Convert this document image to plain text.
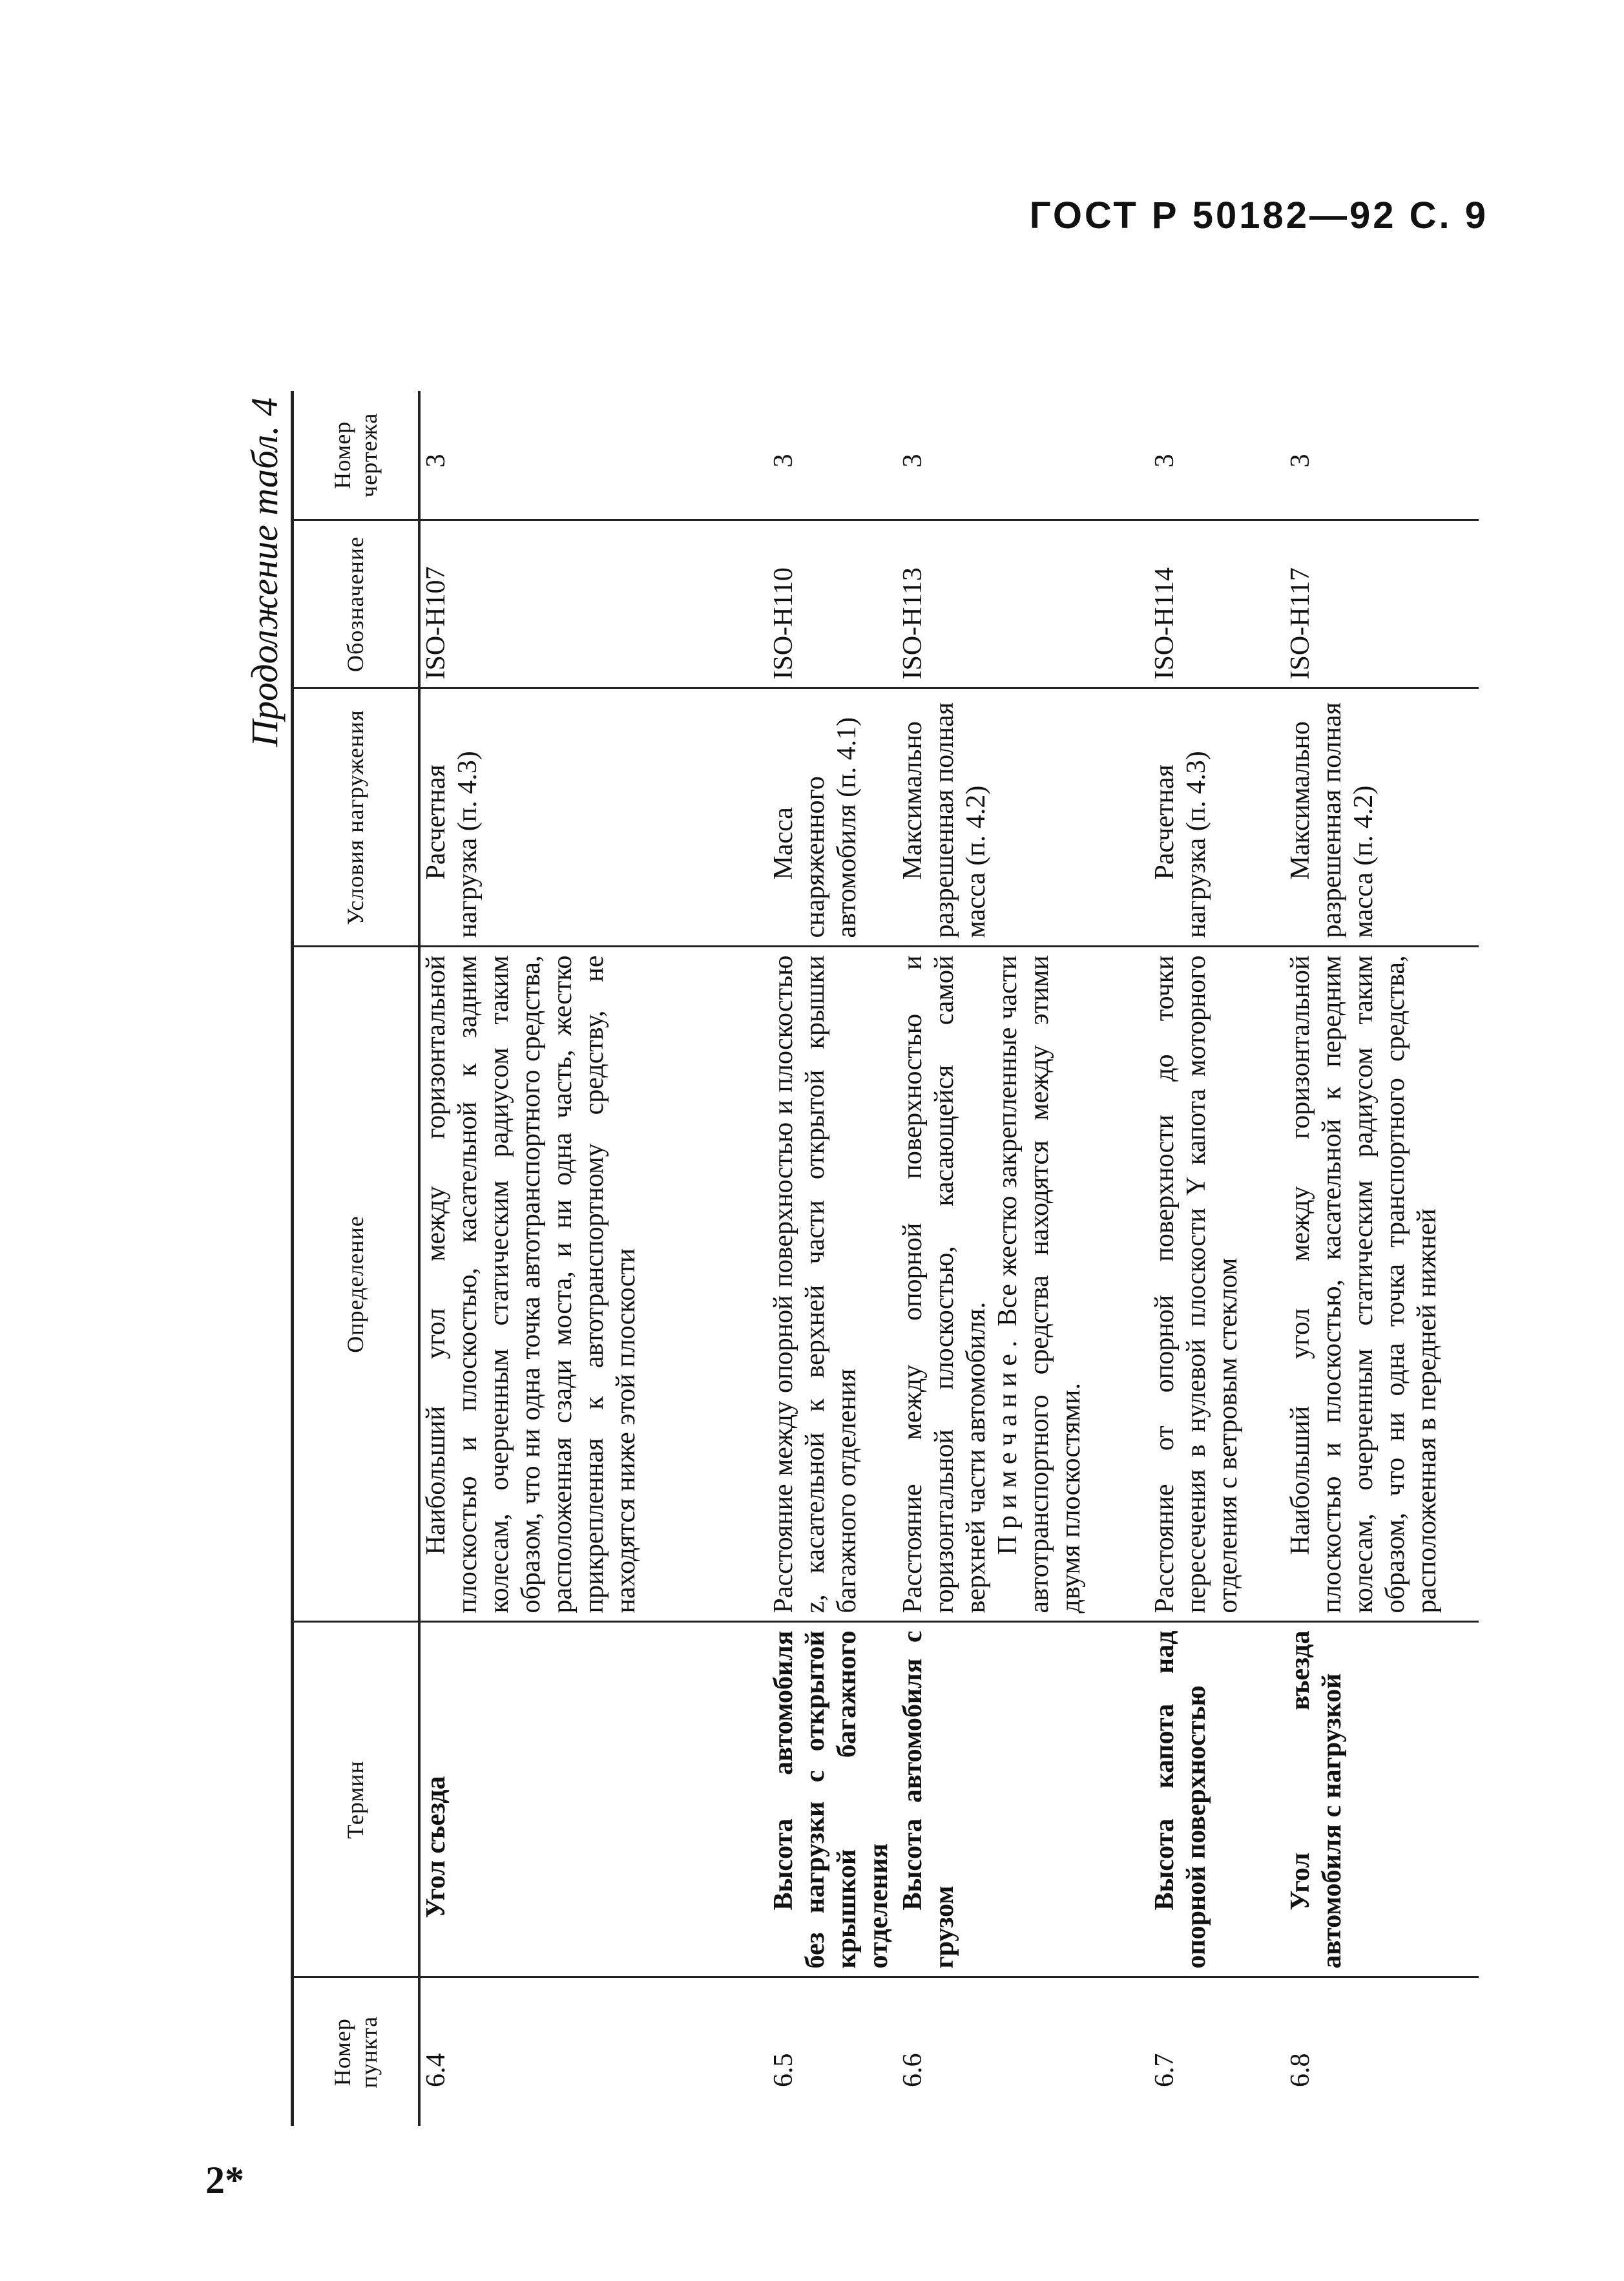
ГОСТ Р 50182—92 С. 9
Продолжение табл. 4
Номер пункта	Термин	Определение	Условия нагружения	Обозначение	Номер чертежа
6.4	Угол съезда	Наибольший угол между горизонтальной плоскостью и плоскостью, касательной к задним колесам, очерченным статическим радиусом таким образом, что ни одна точка автотранспортного средства, расположенная сзади моста, и ни одна часть, жестко прикрепленная к автотранспортному средству, не находятся ниже этой плоскости	Расчетная нагрузка (п. 4.3)	ISO-H107	3
6.5	Высота автомобиля без нагрузки с открытой крышкой багажного отделения	Расстояние между опорной поверхностью и плоскостью z, касательной к верхней части открытой крышки багажного отделения	Масса снаряженного автомобиля (п. 4.1)	ISO-H110	3
6.6	Высота автомобиля с грузом	Расстояние между опорной поверхностью и горизонтальной плоскостью, касающейся самой верхней части автомобиля. Примечание. Все жестко закрепленные части автотранспортного средства находятся между этими двумя плоскостями.	Максимально разрешенная полная масса (п. 4.2)	ISO-H113	3
6.7	Высота капота над опорной поверхностью	Расстояние от опорной поверхности до точки пересечения в нулевой плоскости Y капота моторного отделения с ветровым стеклом	Расчетная нагрузка (п. 4.3)	ISO-H114	3
6.8	Угол въезда автомобиля с нагрузкой	Наибольший угол между горизонтальной плоскостью и плоскостью, касательной к передним колесам, очерченным статическим радиусом таким образом, что ни одна точка транспортного средства, расположенная в передней нижней	Максимально разрешенная полная масса (п. 4.2)	ISO-H117	3
2*
